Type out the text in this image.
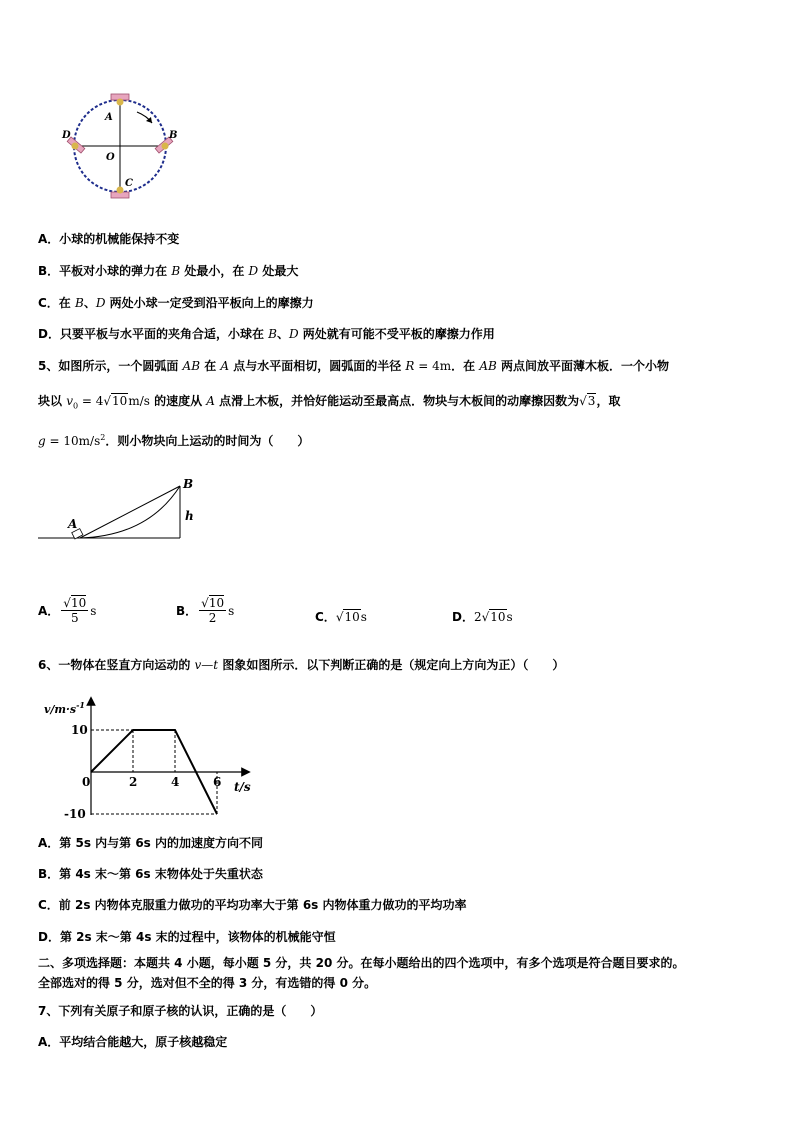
A
B
C
D
O
A．小球的机械能保持不变
B．平板对小球的弹力在 B 处最小，在 D 处最大
C．在 B、D 两处小球一定受到沿平板向上的摩擦力
D．只要平板与水平面的夹角合适，小球在 B、D 两处就有可能不受平板的摩擦力作用
5、如图所示，一个圆弧面 AB 在 A 点与水平面相切，圆弧面的半径 R = 4m．在 AB 两点间放平面薄木板．一个小物
块以 $v_0 = 4√10m/s$ 的速度从 A 点滑上木板，并恰好能运动至最高点．物块与木板间的动摩擦因数为√3，取
$g = 10m/s^2$．则小物块向上运动的时间为（　　）
A
B
h
A． $\frac{√10}{5}$ s	B． $\frac{√10}{2}$ s	C． √10 s	D． 2 √10 s
6、一物体在竖直方向运动的 v—t 图象如图所示．以下判断正确的是（规定向上方向为正）（　　）
0	2	4	6
10
-10
$v/m\cdot s^{-1}$
t/s
A．第 5s 内与第 6s 内的加速度方向不同
B．第 4s 末～第 6s 末物体处于失重状态
C．前 2s 内物体克服重力做功的平均功率大于第 6s 内物体重力做功的平均功率
D．第 2s 末～第 4s 末的过程中，该物体的机械能守恒
二、多项选择题：本题共 4 小题，每小题 5 分，共 20 分。在每小题给出的四个选项中，有多个选项是符合题目要求的。
全部选对的得 5 分，选对但不全的得 3 分，有选错的得 0 分。
7、下列有关原子和原子核的认识，正确的是（　　）
A．平均结合能越大，原子核越稳定
